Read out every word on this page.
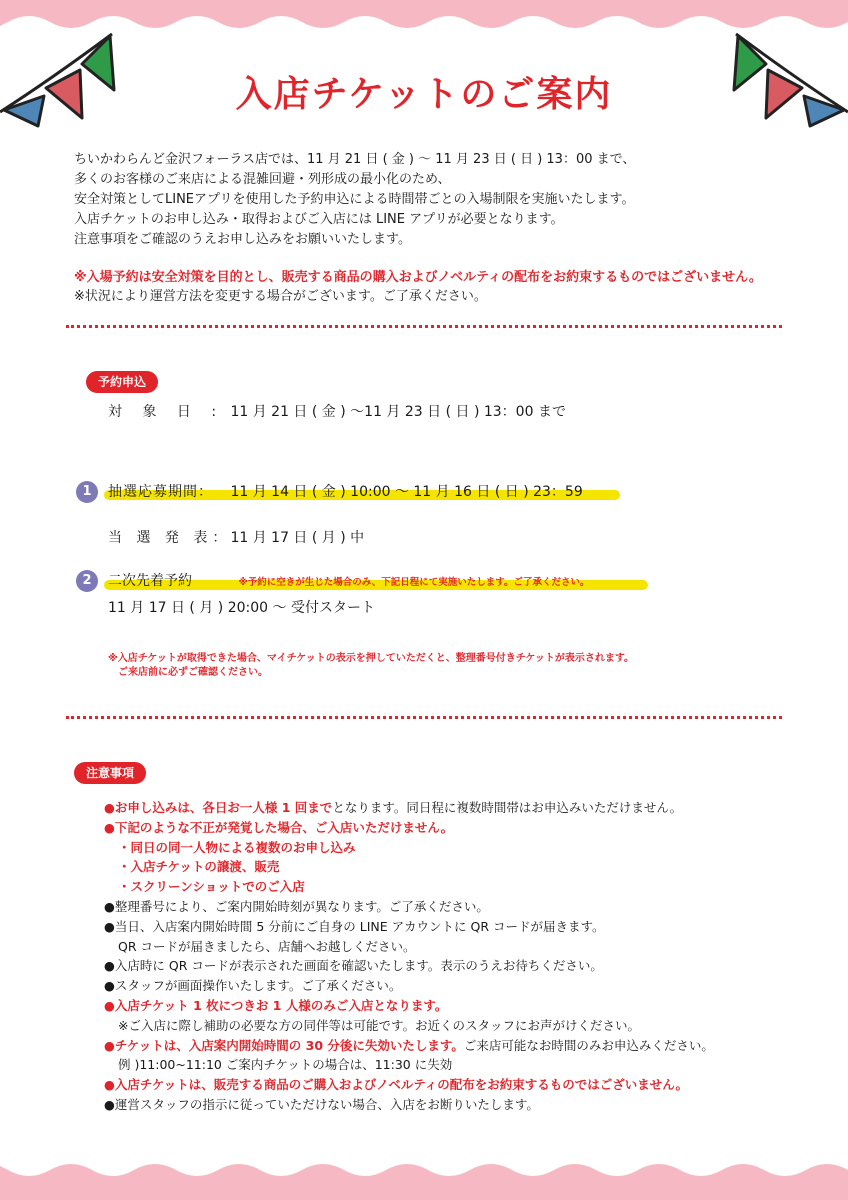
入店チケットのご案内

ちいかわらんど金沢フォーラス店では、11 月 21 日 ( 金 ) 〜 11 月 23 日 ( 日 ) 13：00 まで、

多くのお客様のご来店による混雑回避・列形成の最小化のため、

安全対策としてLINEアプリを使用した予約申込による時間帯ごとの入場制限を実施いたします。

入店チケットのお申し込み・取得およびご入店には LINE アプリが必要となります。

注意事項をご確認のうえお申し込みをお願いいたします。

※入場予約は安全対策を目的とし、販売する商品の購入およびノベルティの配布をお約束するものではございません。

※状況により運営方法を変更する場合がございます。ご了承ください。

予約申込
対 象 日 : 11 月 21 日 ( 金 ) 〜11 月 23 日 ( 日 ) 13：00 まで
1	抽選応募期間： 11 月 14 日 ( 金 ) 10:00 〜 11 月 16 日 ( 日 ) 23：59
当 選 発 表： 11 月 17 日 ( 月 ) 中
2	二次先着予約	※予約に空きが生じた場合のみ、下記日程にて実施いたします。ご了承ください。
11 月 17 日 ( 月 ) 20:00 〜 受付スタート

※入店チケットが取得できた場合、マイチケットの表示を押していただくと、整理番号付きチケットが表示されます。

ご来店前に必ずご確認ください。

注意事項
●お申し込みは、各日お一人様 1 回までとなります。同日程に複数時間帯はお申込みいただけません。
●下記のような不正が発覚した場合、ご入店いただけません。
・同日の同一人物による複数のお申し込み
・入店チケットの譲渡、販売
・スクリーンショットでのご入店
●整理番号により、ご案内開始時刻が異なります。ご了承ください。
●当日、入店案内開始時間 5 分前にご自身の LINE アカウントに QR コードが届きます。
QR コードが届きましたら、店舗へお越しください。
●入店時に QR コードが表示された画面を確認いたします。表示のうえお待ちください。
●スタッフが画面操作いたします。ご了承ください。
●入店チケット 1 枚につきお 1 人様のみご入店となります。
※ご入店に際し補助の必要な方の同伴等は可能です。お近くのスタッフにお声がけください。
●チケットは、入店案内開始時間の 30 分後に失効いたします。ご来店可能なお時間のみお申込みください。
例 )11:00~11:10 ご案内チケットの場合は、11:30 に失効
●入店チケットは、販売する商品のご購入およびノベルティの配布をお約束するものではございません。
●運営スタッフの指示に従っていただけない場合、入店をお断りいたします。
